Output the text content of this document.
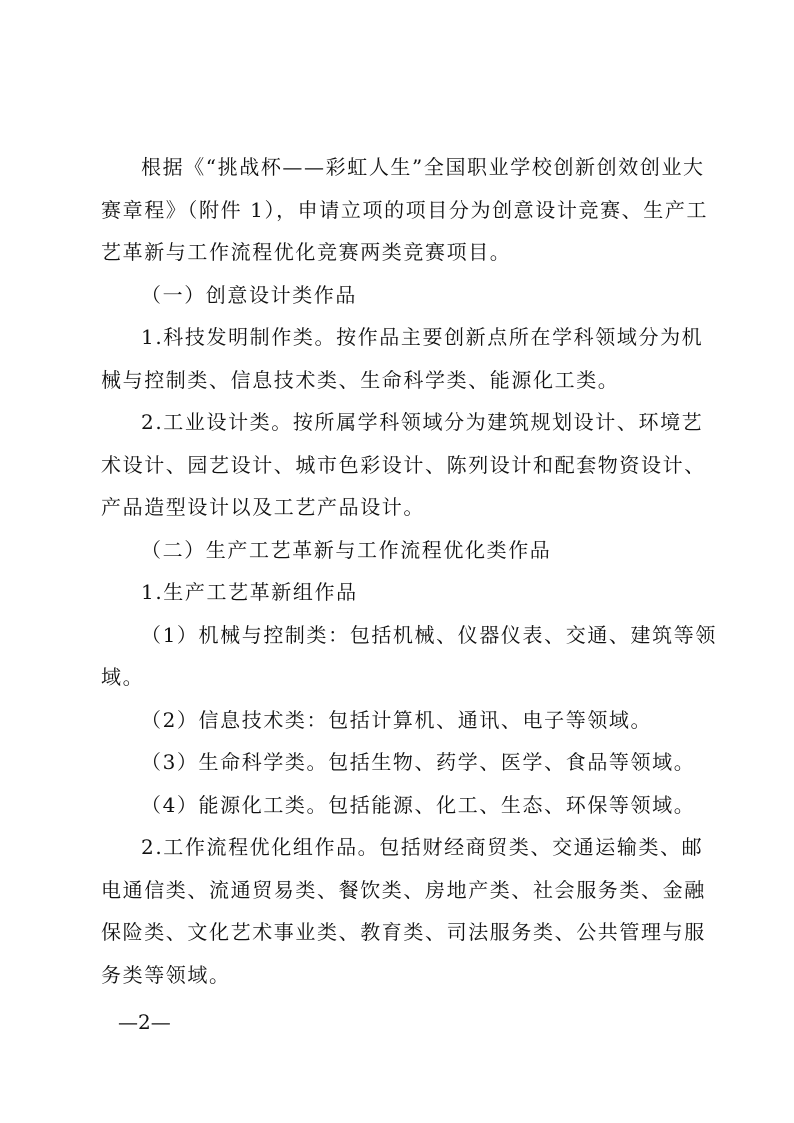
根据《“挑战杯——彩虹人生”全国职业学校创新创效创业大
赛章程》（附件 1），申请立项的项目分为创意设计竞赛、生产工
艺革新与工作流程优化竞赛两类竞赛项目。

（一）创意设计类作品

1.科技发明制作类。按作品主要创新点所在学科领域分为机
械与控制类、信息技术类、生命科学类、能源化工类。

2.工业设计类。按所属学科领域分为建筑规划设计、环境艺
术设计、园艺设计、城市色彩设计、陈列设计和配套物资设计、
产品造型设计以及工艺产品设计。

（二）生产工艺革新与工作流程优化类作品

1.生产工艺革新组作品

（1）机械与控制类：包括机械、仪器仪表、交通、建筑等领
域。

（2）信息技术类：包括计算机、通讯、电子等领域。

（3）生命科学类。包括生物、药学、医学、食品等领域。

（4）能源化工类。包括能源、化工、生态、环保等领域。

2.工作流程优化组作品。包括财经商贸类、交通运输类、邮
电通信类、流通贸易类、餐饮类、房地产类、社会服务类、金融
保险类、文化艺术事业类、教育类、司法服务类、公共管理与服
务类等领域。

—2—
